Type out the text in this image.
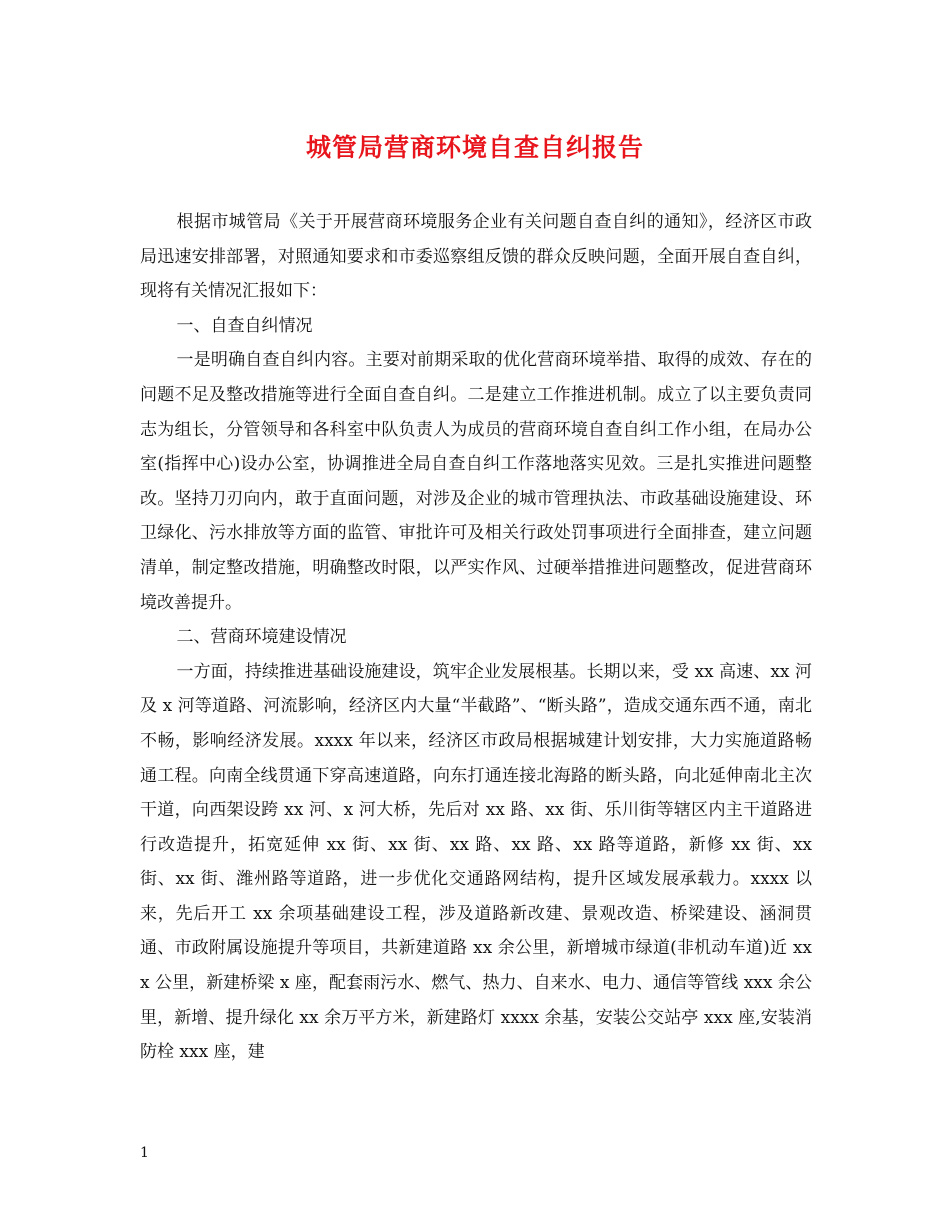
城管局营商环境自查自纠报告

根据市城管局《关于开展营商环境服务企业有关问题自查自纠的通知》，经济区市政局迅速安排部署，对照通知要求和市委巡察组反馈的群众反映问题，全面开展自查自纠，现将有关情况汇报如下：

一、自查自纠情况

一是明确自查自纠内容。主要对前期采取的优化营商环境举措、取得的成效、存在的问题不足及整改措施等进行全面自查自纠。二是建立工作推进机制。成立了以主要负责同志为组长，分管领导和各科室中队负责人为成员的营商环境自查自纠工作小组，在局办公室(指挥中心)设办公室，协调推进全局自查自纠工作落地落实见效。三是扎实推进问题整改。坚持刀刃向内，敢于直面问题，对涉及企业的城市管理执法、市政基础设施建设、环卫绿化、污水排放等方面的监管、审批许可及相关行政处罚事项进行全面排查，建立问题清单，制定整改措施，明确整改时限，以严实作风、过硬举措推进问题整改，促进营商环境改善提升。

二、营商环境建设情况

一方面，持续推进基础设施建设，筑牢企业发展根基。长期以来，受 xx 高速、xx 河及 x 河等道路、河流影响，经济区内大量“半截路”、“断头路”，造成交通东西不通，南北不畅，影响经济发展。xxxx 年以来，经济区市政局根据城建计划安排，大力实施道路畅通工程。向南全线贯通下穿高速道路，向东打通连接北海路的断头路，向北延伸南北主次干道，向西架设跨 xx 河、x 河大桥，先后对 xx 路、xx 街、乐川街等辖区内主干道路进行改造提升，拓宽延伸 xx 街、xx 街、xx 路、xx 路、xx 路等道路，新修 xx 街、xx 街、xx 街、潍州路等道路，进一步优化交通路网结构，提升区域发展承载力。xxxx 以来，先后开工 xx 余项基础建设工程，涉及道路新改建、景观改造、桥梁建设、涵洞贯通、市政附属设施提升等项目，共新建道路 xx 余公里，新增城市绿道(非机动车道)近 xxx 公里，新建桥梁 x 座，配套雨污水、燃气、热力、自来水、电力、通信等管线 xxx 余公里，新增、提升绿化 xx 余万平方米，新建路灯 xxxx 余基，安装公交站亭 xxx 座,安装消防栓 xxx 座，建

1
